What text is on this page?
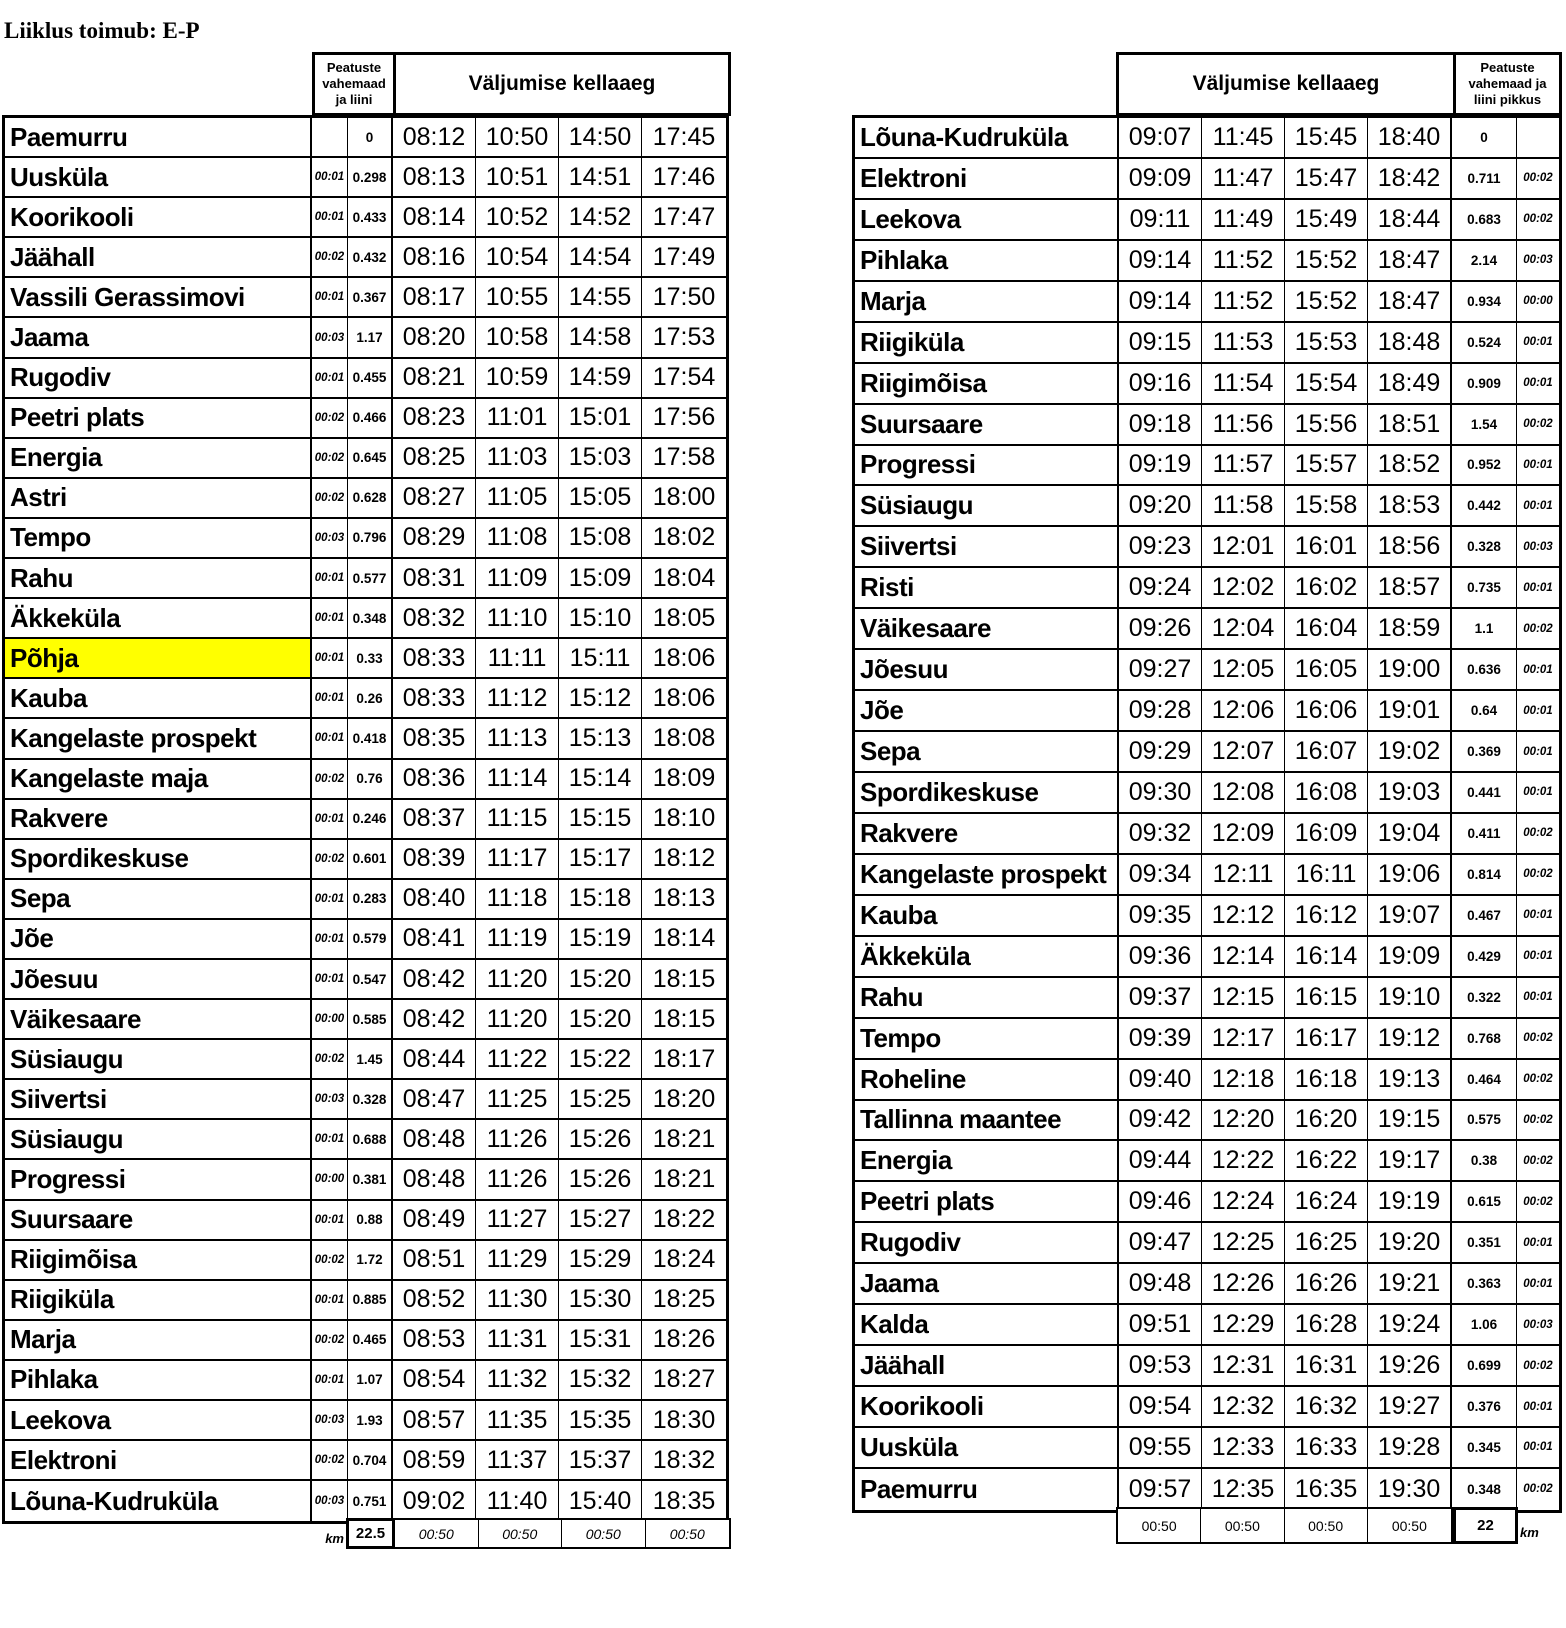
Liiklus toimub: E-P
Peatuste vahemaad ja liini
Väljumise kellaaeg	Väljumise kellaaeg
Peatuste vahemaad ja liini pikkus
Paemurru	0	08:12 10:50 14:50 17:45
Uusküla	00:01 0.298 08:13 10:51 14:51 17:46
Koorikooli	00:01 0.433 08:14 10:52 14:52 17:47
Jäähall	00:02 0.432 08:16 10:54 14:54 17:49
Vassili Gerassimovi	00:01 0.367 08:17 10:55 14:55 17:50
Jaama	00:03 1.17 08:20 10:58 14:58 17:53
Rugodiv	00:01 0.455 08:21 10:59 14:59 17:54
Peetri plats	00:02 0.466 08:23 11:01 15:01 17:56
Energia	00:02 0.645 08:25 11:03 15:03 17:58
Astri	00:02 0.628 08:27 11:05 15:05 18:00
Tempo	00:03 0.796 08:29 11:08 15:08 18:02
Rahu	00:01 0.577 08:31 11:09 15:09 18:04
Äkkeküla	00:01 0.348 08:32 11:10 15:10 18:05
Põhja	00:01 0.33 08:33 11:11 15:11 18:06
Kauba	00:01 0.26 08:33 11:12 15:12 18:06
Kangelaste prospekt	00:01 0.418 08:35 11:13 15:13 18:08
Kangelaste maja	00:02 0.76 08:36 11:14 15:14 18:09
Rakvere	00:01 0.246 08:37 11:15 15:15 18:10
Spordikeskuse	00:02 0.601 08:39 11:17 15:17 18:12
Sepa	00:01 0.283 08:40 11:18 15:18 18:13
Jõe	00:01 0.579 08:41 11:19 15:19 18:14
Jõesuu	00:01 0.547 08:42 11:20 15:20 18:15
Väikesaare	00:00 0.585 08:42 11:20 15:20 18:15
Süsiaugu	00:02 1.45 08:44 11:22 15:22 18:17
Siivertsi	00:03 0.328 08:47 11:25 15:25 18:20
Süsiaugu	00:01 0.688 08:48 11:26 15:26 18:21
Progressi	00:00 0.381 08:48 11:26 15:26 18:21
Suursaare	00:01 0.88 08:49 11:27 15:27 18:22
Riigimõisa	00:02 1.72 08:51 11:29 15:29 18:24
Riigiküla	00:01 0.885 08:52 11:30 15:30 18:25
Marja	00:02 0.465 08:53 11:31 15:31 18:26
Pihlaka	00:01 1.07 08:54 11:32 15:32 18:27
Leekova	00:03 1.93 08:57 11:35 15:35 18:30
Elektroni	00:02 0.704 08:59 11:37 15:37 18:32
Lõuna-Kudruküla	00:03 0.751 09:02 11:40 15:40 18:35
Lõuna-Kudruküla	09:07 11:45 15:45 18:40	0
Elektroni	09:09 11:47 15:47 18:42	0.711	00:02
Leekova	09:11 11:49 15:49 18:44	0.683	00:02
Pihlaka	09:14 11:52 15:52 18:47	2.14	00:03
Marja	09:14 11:52 15:52 18:47	0.934	00:00
Riigiküla	09:15 11:53 15:53 18:48	0.524	00:01
Riigimõisa	09:16 11:54 15:54 18:49	0.909	00:01
Suursaare	09:18 11:56 15:56 18:51	1.54	00:02
Progressi	09:19 11:57 15:57 18:52	0.952	00:01
Süsiaugu	09:20 11:58 15:58 18:53	0.442	00:01
Siivertsi	09:23 12:01 16:01 18:56	0.328	00:03
Risti	09:24 12:02 16:02 18:57	0.735	00:01
Väikesaare	09:26 12:04 16:04 18:59	1.1	00:02
Jõesuu	09:27 12:05 16:05 19:00	0.636	00:01
Jõe	09:28 12:06 16:06 19:01	0.64	00:01
Sepa	09:29 12:07 16:07 19:02	0.369	00:01
Spordikeskuse	09:30 12:08 16:08 19:03	0.441	00:01
Rakvere	09:32 12:09 16:09 19:04	0.411	00:02
Kangelaste prospekt 09:34 12:11 16:11 19:06	0.814	00:02
Kauba	09:35 12:12 16:12 19:07	0.467	00:01
Äkkeküla	09:36 12:14 16:14 19:09	0.429	00:01
Rahu	09:37 12:15 16:15 19:10	0.322	00:01
Tempo	09:39 12:17 16:17 19:12	0.768	00:02
Roheline	09:40 12:18 16:18 19:13	0.464	00:02
Tallinna maantee	09:42 12:20 16:20 19:15	0.575	00:02
Energia	09:44 12:22 16:22 19:17	0.38	00:02
Peetri plats	09:46 12:24 16:24 19:19	0.615	00:02
Rugodiv	09:47 12:25 16:25 19:20	0.351	00:01
Jaama	09:48 12:26 16:26 19:21	0.363	00:01
Kalda	09:51 12:29 16:28 19:24	1.06	00:03
Jäähall	09:53 12:31 16:31 19:26	0.699	00:02
Koorikooli	09:54 12:32 16:32 19:27	0.376	00:01
Uusküla	09:55 12:33 16:33 19:28	0.345	00:01
Paemurru	09:57 12:35 16:35 19:30	0.348	00:02
km 22.5	00:50	00:50	00:50	00:50	00:50	00:50	00:50	00:50	22	km
